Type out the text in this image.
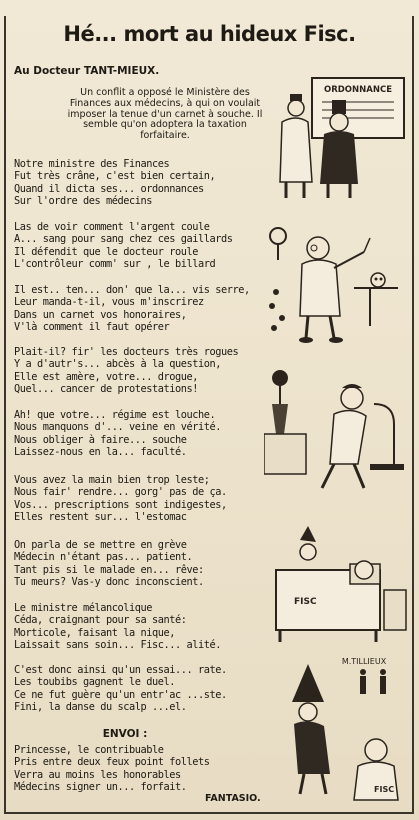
Hé... mort au hideux Fisc.
Au Docteur TANT-MIEUX.
Un conflit a opposé le Ministère des Finances aux médecins, à qui on voulait imposer la tenue d'un carnet à souche. Il semble qu'on adoptera la taxation forfaitaire.
Notre ministre des Finances
Fut très crâne, c'est bien certain,
Quand il dicta ses... ordonnances
Sur l'ordre des médecins
Las de voir comment l'argent coule
A... sang pour sang chez ces gaillards
Il défendit que le docteur roule
L'contrôleur comm' sur , le billard
Il est.. ten... don' que la... vis serre,
Leur manda-t-il, vous m'inscrirez
Dans un carnet vos honoraires,
V'là comment il faut opérer
Plait-il? fir' les docteurs très rogues
Y a d'autr's... abcès à la question,
Elle est amère, votre... drogue,
Quel... cancer de protestations!
Ah! que votre... régime est louche.
Nous manquons d'... veine en vérité.
Nous obliger à faire... souche
Laissez-nous en la... faculté.
Vous avez la main bien trop leste;
Nous fair' rendre... gorg' pas de ça.
Vos... prescriptions sont indigestes,
Elles restent sur... l'estomac
On parla de se mettre en grève
Médecin n'étant pas... patient.
Tant pis si le malade en... rêve:
Tu meurs? Vas-y donc inconscient.
Le ministre mélancolique
Céda, craignant pour sa santé:
Morticole, faisant la nique,
Laissait sans soin... Fisc... alité.
C'est donc ainsi qu'un essai... rate.
Les toubibs gagnent le duel.
Ce ne fut guère qu'un entr'ac ...ste.
Fini, la danse du scalp ...el.
ENVOI :
Princesse, le contribuable
Pris entre deux feux point follets
Verra au moins les honorables
Médecins signer un... forfait.
FANTASIO.
ORDONNANCE
FISC
M.TILLIEUX
FISC
